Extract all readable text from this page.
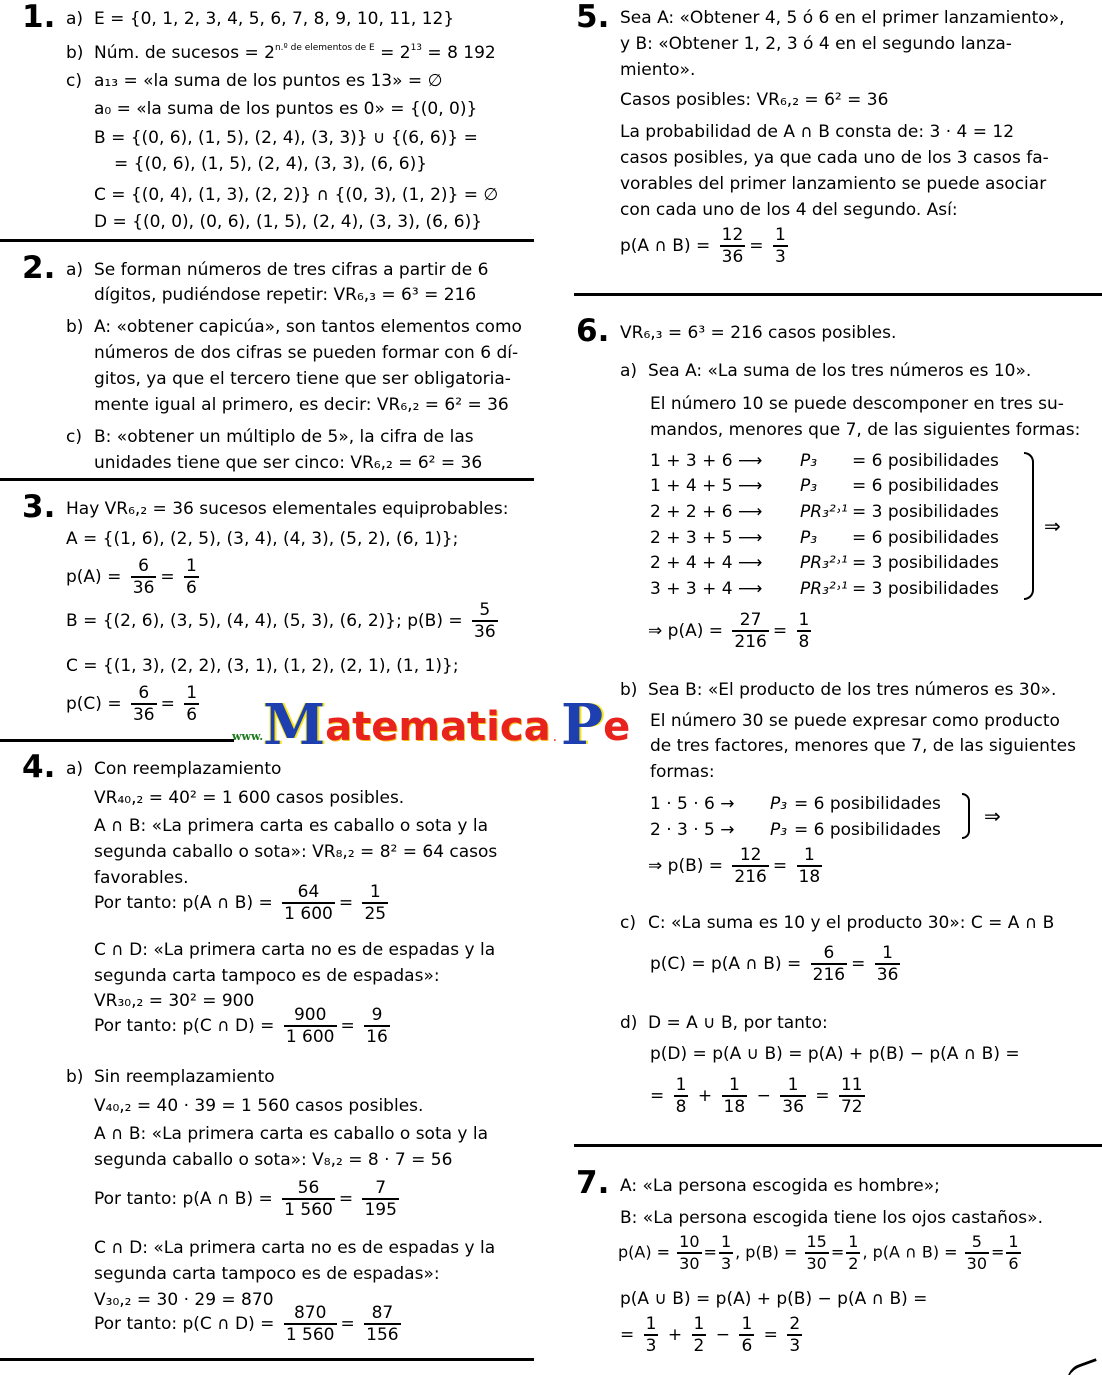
1. a) E = {0, 1, 2, 3, 4, 5, 6, 7, 8, 9, 10, 11, 12}
b) Núm. de sucesos = $2^{n.º de elementos de E} = 2^{13} = 8$ 192
c) a₁₃ = «la suma de los puntos es 13» = ∅
a₀ = «la suma de los puntos es 0» = {(0, 0)}
B = {(0, 6), (1, 5), (2, 4), (3, 3)} ∪ {(6, 6)} =
= {(0, 6), (1, 5), (2, 4), (3, 3), (6, 6)}
C = {(0, 4), (1, 3), (2, 2)} ∩ {(0, 3), (1, 2)} = ∅
D = {(0, 0), (0, 6), (1, 5), (2, 4), (3, 3), (6, 6)}
2. a) Se forman números de tres cifras a partir de 6
dígitos, pudiéndose repetir: VR₆,₃ = 6³ = 216
b) A: «obtener capicúa», son tantos elementos como
números de dos cifras se pueden formar con 6 dí-
gitos, ya que el tercero tiene que ser obligatoria-
mente igual al primero, es decir: VR₆,₂ = 6² = 36
c) B: «obtener un múltiplo de 5», la cifra de las
unidades tiene que ser cinco: VR₆,₂ = 6² = 36
3. Hay VR₆,₂ = 36 sucesos elementales equiprobables:
A = {(1, 6), (2, 5), (3, 4), (4, 3), (5, 2), (6, 1)};
$p(A) = \frac{6}{36} = \frac{1}{6}$
B = {(2, 6), (3, 5), (4, 4), (5, 3), (6, 2)}; $p(B) = \frac{5}{36}$
C = {(1, 3), (2, 2), (3, 1), (1, 2), (2, 1), (1, 1)};
$p(C) = \frac{6}{36} = \frac{1}{6}$
4. a) Con reemplazamiento
VR₄₀,₂ = 40² = 1 600 casos posibles.
A ∩ B: «La primera carta es caballo o sota y la
segunda caballo o sota»: VR₈,₂ = 8² = 64 casos
favorables.
Por tanto: p(A ∩ $B) = \frac{64}{1 600} = \frac{1}{25}$
C ∩ D: «La primera carta no es de espadas y la
segunda carta tampoco es de espadas»:
VR₃₀,₂ = 30² = 900
Por tanto: p(C ∩ $D) = \frac{900}{1 600} = \frac{9}{16}$
b) Sin reemplazamiento
V₄₀,₂ = 40 · 39 = 1 560 casos posibles.
A ∩ B: «La primera carta es caballo o sota y la
segunda caballo o sota»: V₈,₂ = 8 · 7 = 56
Por tanto: p(A ∩ $B) = \frac{56}{1 560} = \frac{7}{195}$
C ∩ D: «La primera carta no es de espadas y la
segunda carta tampoco es de espadas»:
V₃₀,₂ = 30 · 29 = 870
Por tanto: p(C ∩ $D) = \frac{870}{1 560} = \frac{87}{156}$
www. M atematica . P e
5. Sea A: «Obtener 4, 5 ó 6 en el primer lanzamiento»,
y B: «Obtener 1, 2, 3 ó 4 en el segundo lanza-
miento».
Casos posibles: VR₆,₂ = 6² = 36
La probabilidad de A ∩ B consta de: 3 · 4 = 12
casos posibles, ya que cada uno de los 3 casos fa-
vorables del primer lanzamiento se puede asociar
con cada uno de los 4 del segundo. Así:
p(A ∩ $B) = \frac{12}{36} = \frac{1}{3}$
6. VR₆,₃ = 6³ = 216 casos posibles.
a) Sea A: «La suma de los tres números es 10».
El número 10 se puede descomponer en tres su-
mandos, menores que 7, de las siguientes formas:
1 + 3 + 6 ⟶ P₃ = 6 posibilidades
1 + 4 + 5 ⟶ P₃ = 6 posibilidades
2 + 2 + 6 ⟶ PR₃²˒¹ = 3 posibilidades
2 + 3 + 5 ⟶ P₃ = 6 posibilidades
2 + 4 + 4 ⟶ PR₃²˒¹ = 3 posibilidades
3 + 3 + 4 ⟶ PR₃²˒¹ = 3 posibilidades
⇒
⇒ $p(A) = \frac{27}{216} = \frac{1}{8}$
b) Sea B: «El producto de los tres números es 30».
El número 30 se puede expresar como producto
de tres factores, menores que 7, de las siguientes
formas:
1 · 5 · 6 → P₃ = 6 posibilidades
2 · 3 · 5 → P₃ = 6 posibilidades
⇒
⇒ $p(B) = \frac{12}{216} = \frac{1}{18}$
c) C: «La suma es 10 y el producto 30»: C = A ∩ B
p(C) = p(A ∩ $B) = \frac{6}{216} = \frac{1}{36}$
d) D = A ∪ B, por tanto:
p(D) = p(A ∪ B) = p(A) + p(B) − p(A ∩ B) =
= $\frac{1}{8} + \frac{1}{18} - \frac{1}{36} = \frac{11}{72}$
7. A: «La persona escogida es hombre»;
B: «La persona escogida tiene los ojos castaños».
$p(A) = \frac{10}{30} = \frac{1}{3}$ , $p(B) = \frac{15}{30} = \frac{1}{2}$ , p(A ∩ $B) = \frac{5}{30} = \frac{1}{6}$
p(A ∪ B) = p(A) + p(B) − p(A ∩ B) =
= $\frac{1}{3} + \frac{1}{2} - \frac{1}{6} = \frac{2}{3}$
